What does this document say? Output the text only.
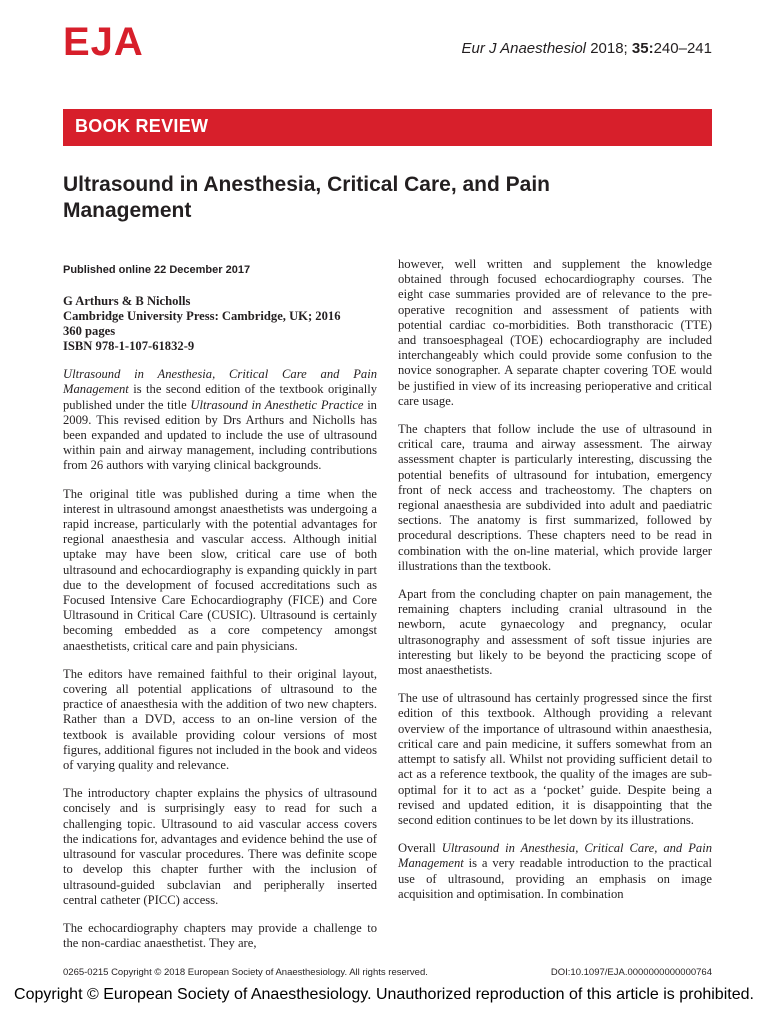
EJA	Eur J Anaesthesiol 2018; 35:240–241
BOOK REVIEW
Ultrasound in Anesthesia, Critical Care, and Pain Management

Published online 22 December 2017

G Arthurs & B Nicholls
Cambridge University Press: Cambridge, UK; 2016
360 pages
ISBN 978-1-107-61832-9

Ultrasound in Anesthesia, Critical Care and Pain Management is the second edition of the textbook originally published under the title Ultrasound in Anesthetic Practice in 2009. This revised edition by Drs Arthurs and Nicholls has been expanded and updated to include the use of ultrasound within pain and airway management, including contributions from 26 authors with varying clinical backgrounds.

The original title was published during a time when the interest in ultrasound amongst anaesthetists was undergoing a rapid increase, particularly with the potential advantages for regional anaesthesia and vascular access. Although initial uptake may have been slow, critical care use of both ultrasound and echocardiography is expanding quickly in part due to the development of focused accreditations such as Focused Intensive Care Echocardiography (FICE) and Core Ultrasound in Critical Care (CUSIC). Ultrasound is certainly becoming embedded as a core competency amongst anaesthetists, critical care and pain physicians.

The editors have remained faithful to their original layout, covering all potential applications of ultrasound to the practice of anaesthesia with the addition of two new chapters. Rather than a DVD, access to an on-line version of the textbook is available providing colour versions of most figures, additional figures not included in the book and videos of varying quality and relevance.

The introductory chapter explains the physics of ultrasound concisely and is surprisingly easy to read for such a challenging topic. Ultrasound to aid vascular access covers the indications for, advantages and evidence behind the use of ultrasound for vascular procedures. There was definite scope to develop this chapter further with the inclusion of ultrasound-guided subclavian and peripherally inserted central catheter (PICC) access.

The echocardiography chapters may provide a challenge to the non-cardiac anaesthetist. They are,

however, well written and supplement the knowledge obtained through focused echocardiography courses. The eight case summaries provided are of relevance to the pre-operative recognition and assessment of patients with potential cardiac co-morbidities. Both transthoracic (TTE) and transoesphageal (TOE) echocardiography are included interchangeably which could provide some confusion to the novice sonographer. A separate chapter covering TOE would be justified in view of its increasing perioperative and critical care usage.

The chapters that follow include the use of ultrasound in critical care, trauma and airway assessment. The airway assessment chapter is particularly interesting, discussing the potential benefits of ultrasound for intubation, emergency front of neck access and tracheostomy. The chapters on regional anaesthesia are subdivided into adult and paediatric sections. The anatomy is first summarized, followed by procedural descriptions. These chapters need to be read in combination with the on-line material, which provide larger illustrations than the textbook.

Apart from the concluding chapter on pain management, the remaining chapters including cranial ultrasound in the newborn, acute gynaecology and pregnancy, ocular ultrasonography and assessment of soft tissue injuries are interesting but likely to be beyond the practicing scope of most anaesthetists.

The use of ultrasound has certainly progressed since the first edition of this textbook. Although providing a relevant overview of the importance of ultrasound within anaesthesia, critical care and pain medicine, it suffers somewhat from an attempt to satisfy all. Whilst not providing sufficient detail to act as a reference textbook, the quality of the images are sub-optimal for it to act as a ‘pocket’ guide. Despite being a revised and updated edition, it is disappointing that the second edition continues to be let down by its illustrations.

Overall Ultrasound in Anesthesia, Critical Care, and Pain Management is a very readable introduction to the practical use of ultrasound, providing an emphasis on image acquisition and optimisation. In combination

0265-0215 Copyright © 2018 European Society of Anaesthesiology. All rights reserved.	DOI:10.1097/EJA.0000000000000764
Copyright © European Society of Anaesthesiology. Unauthorized reproduction of this article is prohibited.
